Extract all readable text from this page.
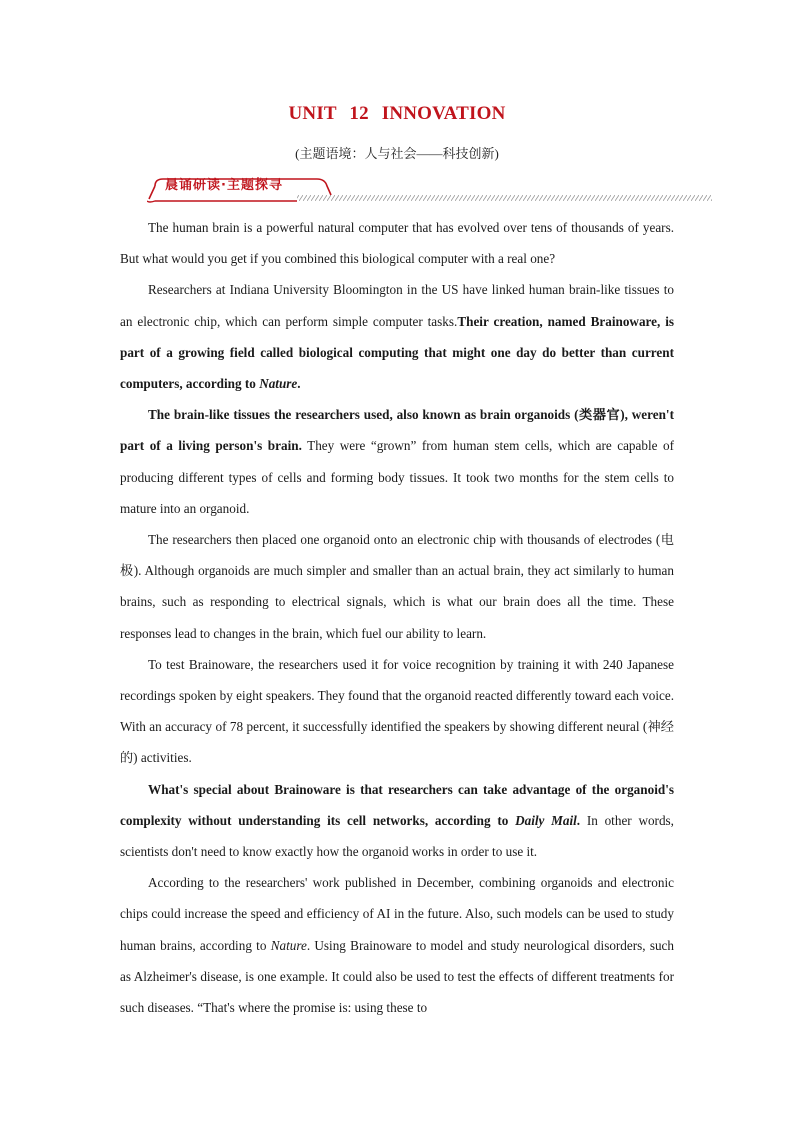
UNIT 12 INNOVATION
(主题语境：人与社会——科技创新)
晨诵研读·主题探寻

The human brain is a powerful natural computer that has evolved over tens of thousands of years. But what would you get if you combined this biological computer with a real one?

Researchers at Indiana University Bloomington in the US have linked human brain-like tissues to an electronic chip, which can perform simple computer tasks.Their creation, named Brainoware, is part of a growing field called biological computing that might one day do better than current computers, according to Nature.

The brain-like tissues the researchers used, also known as brain organoids (类器官), weren't part of a living person's brain. They were “grown” from human stem cells, which are capable of producing different types of cells and forming body tissues. It took two months for the stem cells to mature into an organoid.

The researchers then placed one organoid onto an electronic chip with thousands of electrodes (电极). Although organoids are much simpler and smaller than an actual brain, they act similarly to human brains, such as responding to electrical signals, which is what our brain does all the time. These responses lead to changes in the brain, which fuel our ability to learn.

To test Brainoware, the researchers used it for voice recognition by training it with 240 Japanese recordings spoken by eight speakers. They found that the organoid reacted differently toward each voice. With an accuracy of 78 percent, it successfully identified the speakers by showing different neural (神经的) activities.

What's special about Brainoware is that researchers can take advantage of the organoid's complexity without understanding its cell networks, according to Daily Mail. In other words, scientists don't need to know exactly how the organoid works in order to use it.

According to the researchers' work published in December, combining organoids and electronic chips could increase the speed and efficiency of AI in the future. Also, such models can be used to study human brains, according to Nature. Using Brainoware to model and study neurological disorders, such as Alzheimer's disease, is one example. It could also be used to test the effects of different treatments for such diseases. “That's where the promise is: using these to
